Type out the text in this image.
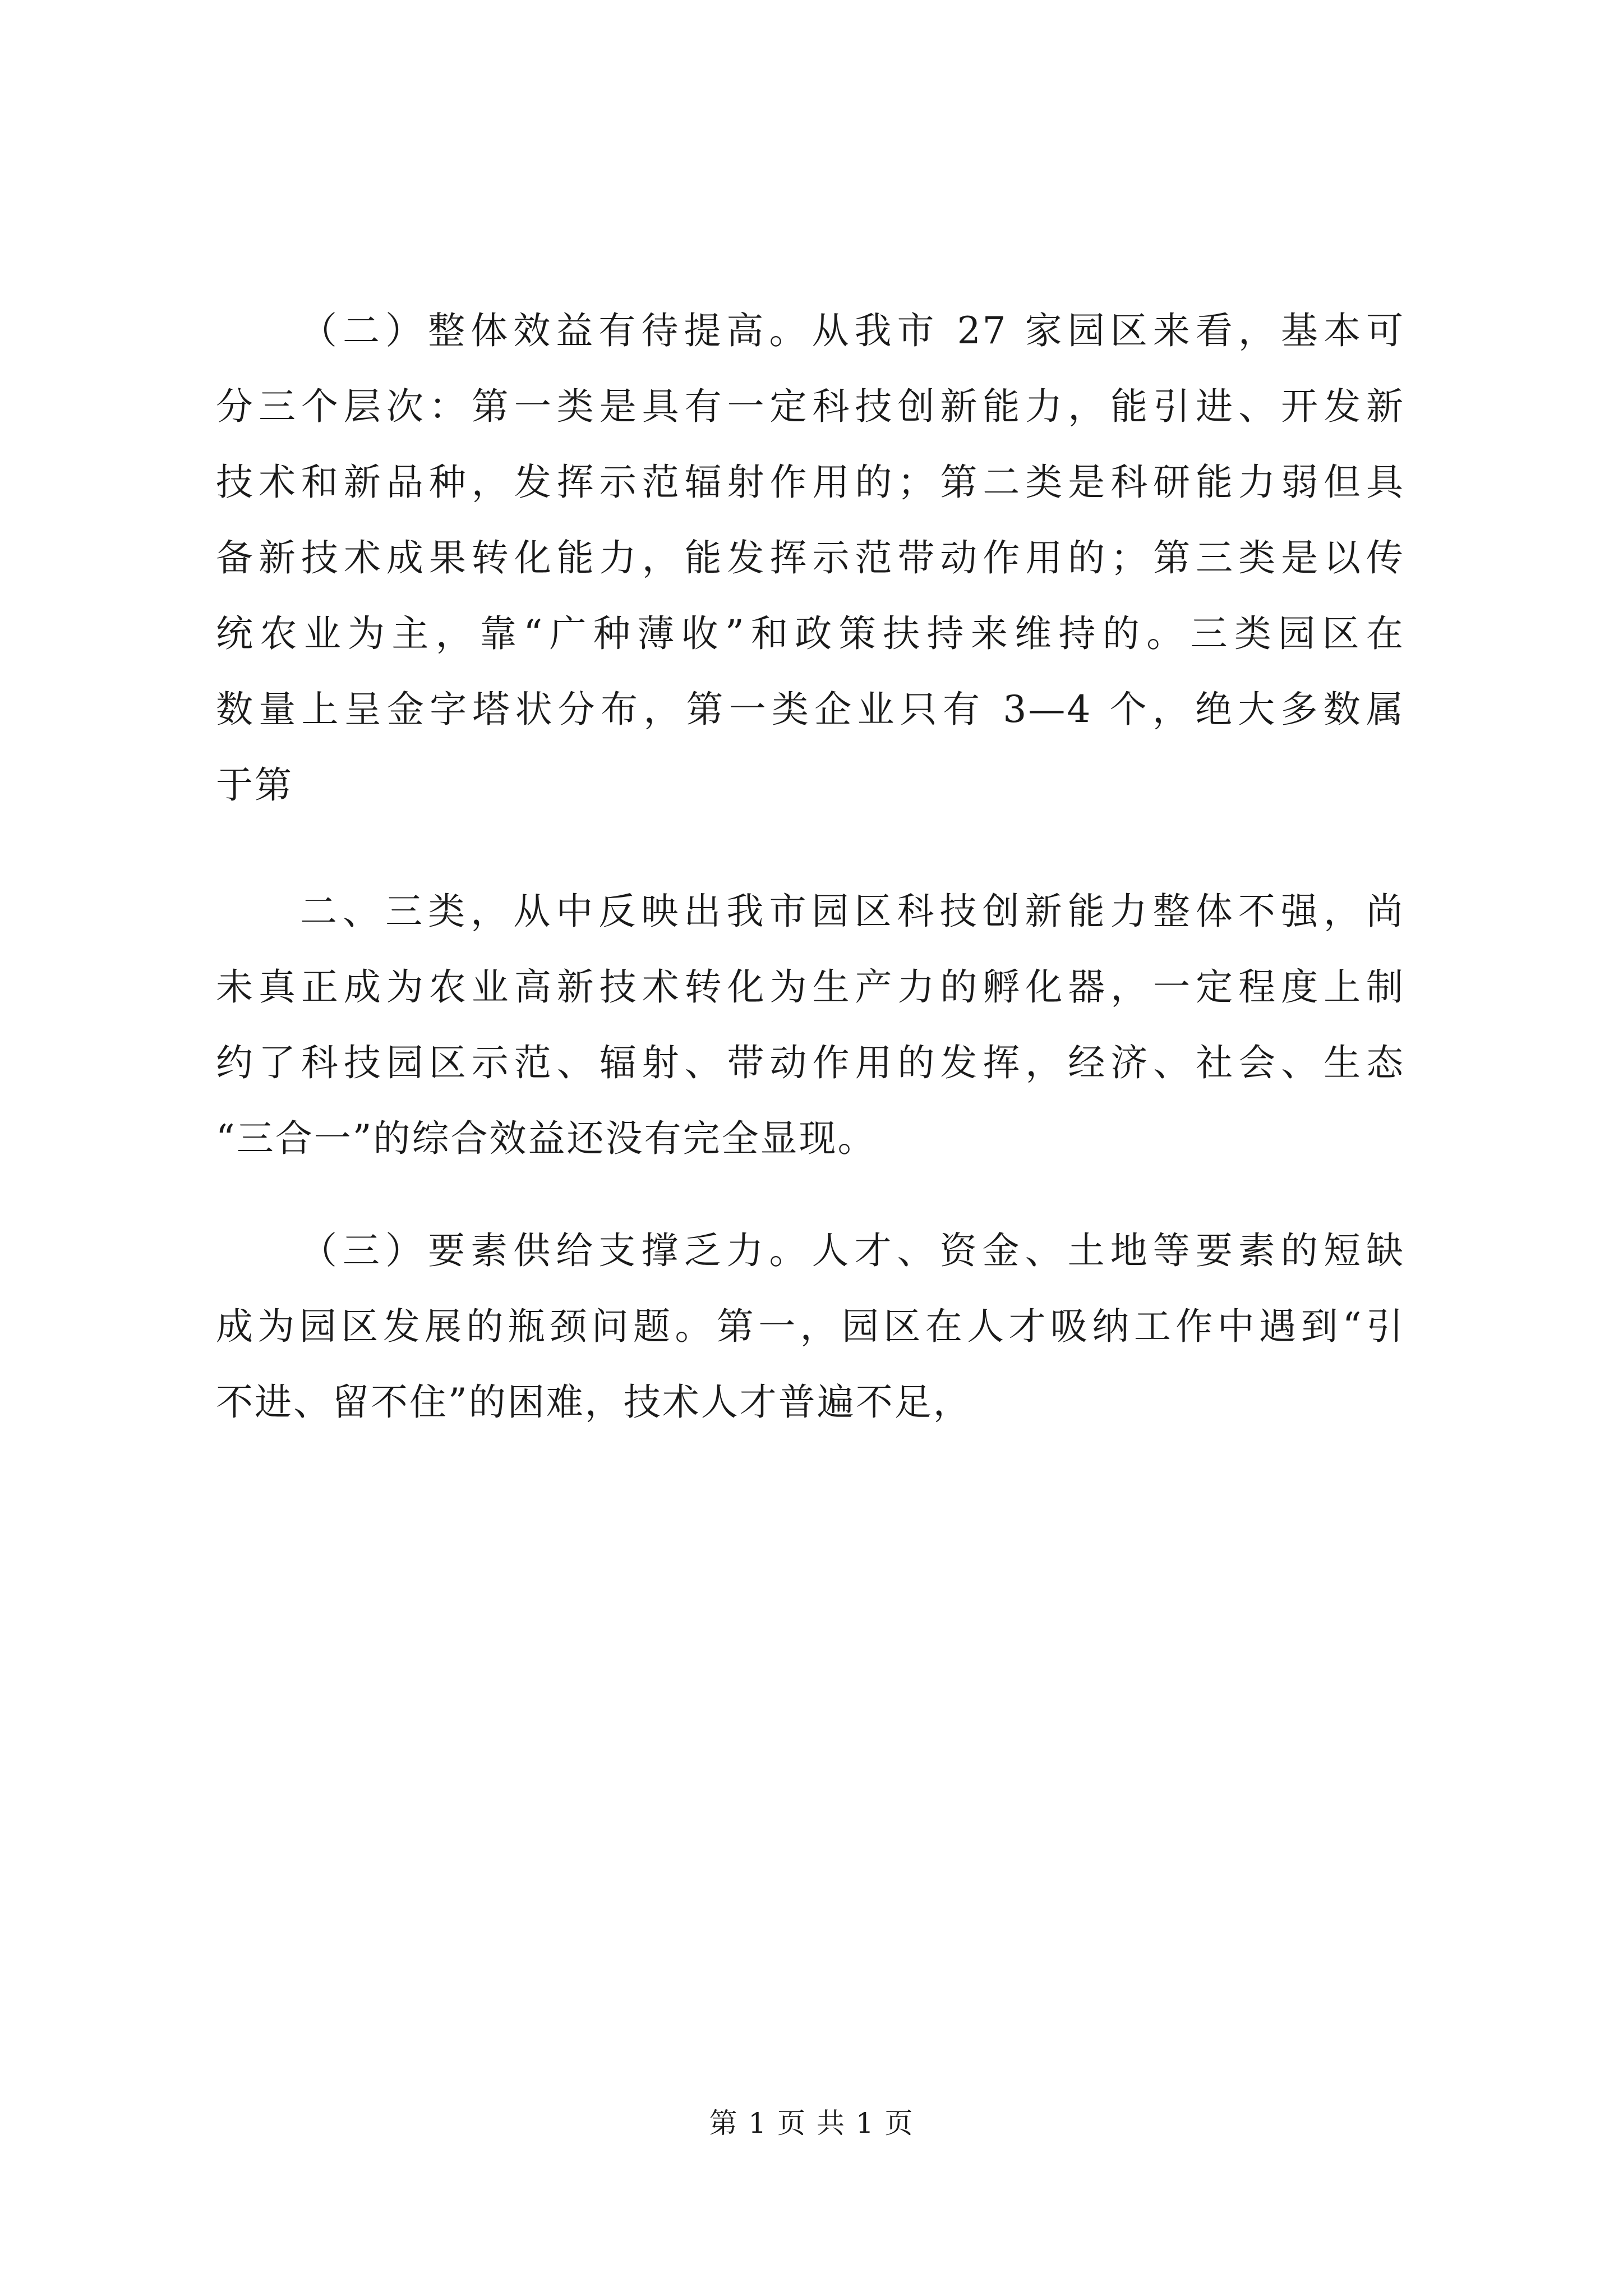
（二）整体效益有待提高。从我市 27 家园区来看，基本可
分三个层次：第一类是具有一定科技创新能力，能引进、开发新
技术和新品种，发挥示范辐射作用的；第二类是科研能力弱但具
备新技术成果转化能力，能发挥示范带动作用的；第三类是以传
统农业为主，靠“广种薄收”和政策扶持来维持的。三类园区在
数量上呈金字塔状分布，第一类企业只有 3—4 个，绝大多数属
于第
二、三类，从中反映出我市园区科技创新能力整体不强，尚
未真正成为农业高新技术转化为生产力的孵化器，一定程度上制
约了科技园区示范、辐射、带动作用的发挥，经济、社会、生态
“三合一”的综合效益还没有完全显现。
（三）要素供给支撑乏力。人才、资金、土地等要素的短缺
成为园区发展的瓶颈问题。第一，园区在人才吸纳工作中遇到“引
不进、留不住”的困难，技术人才普遍不足，
第 1 页 共 1 页
